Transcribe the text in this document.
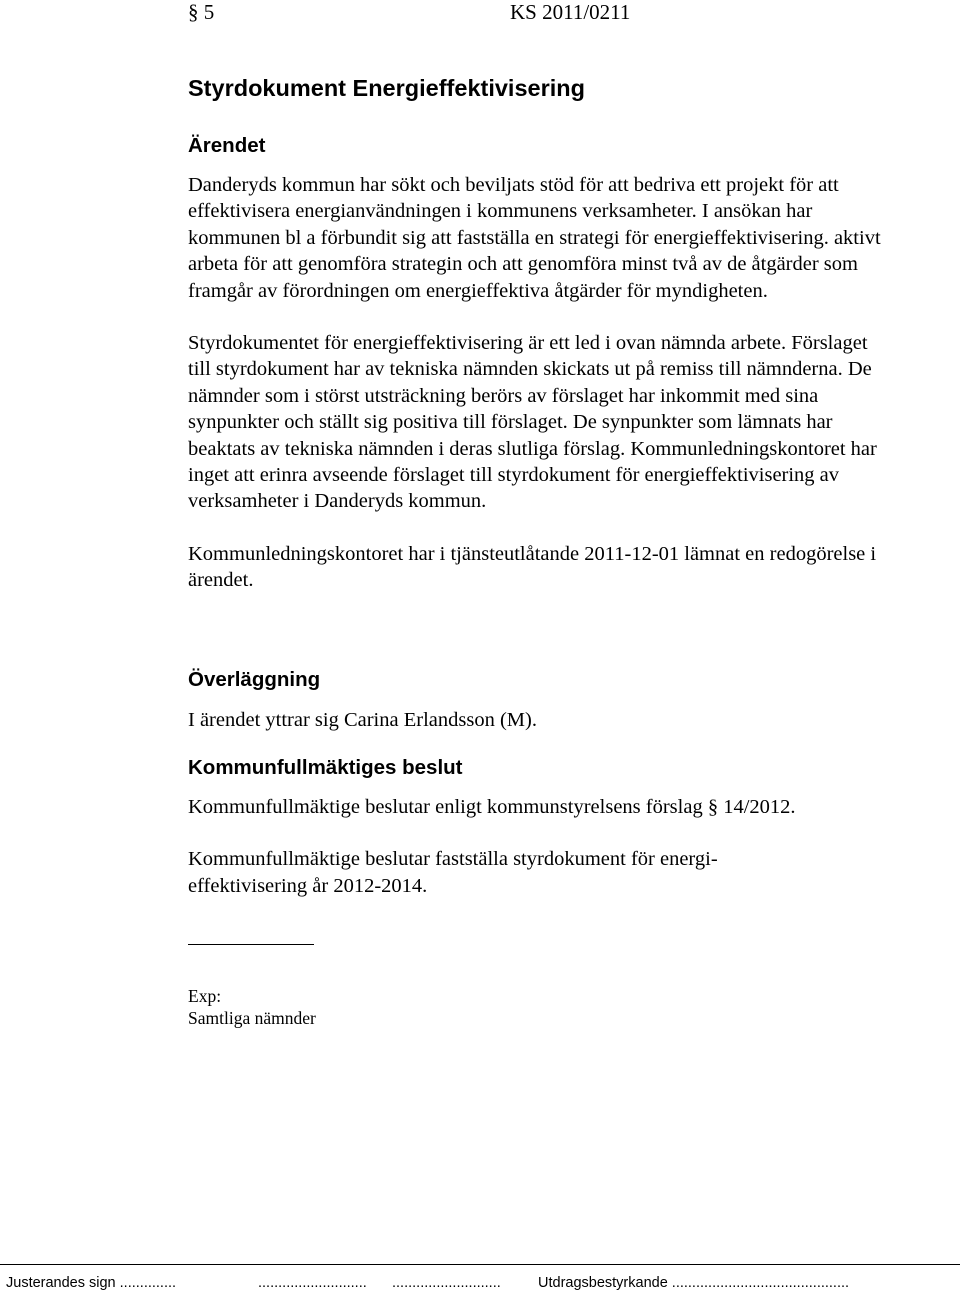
§ 5	KS 2011/0211
Styrdokument Energieffektivisering
Ärendet

Danderyds kommun har sökt och beviljats stöd för att bedriva ett projekt för att effektivisera energianvändningen i kommunens verksamheter. I ansökan har kommunen bl a förbundit sig att fastställa en strategi för energieffektivisering. aktivt arbeta för att genomföra strategin och att genomföra minst två av de åtgärder som framgår av förordningen om energieffektiva åtgärder för myndigheten.

Styrdokumentet för energieffektivisering är ett led i ovan nämnda arbete. Förslaget till styrdokument har av tekniska nämnden skickats ut på remiss till nämnderna. De nämnder som i störst utsträckning berörs av förslaget har inkommit med sina synpunkter och ställt sig positiva till förslaget. De synpunkter som lämnats har beaktats av tekniska nämnden i deras slutliga förslag. Kommunledningskontoret har inget att erinra avseende förslaget till styrdokument för energieffektivisering av verksamheter i Danderyds kommun.

Kommunledningskontoret har i tjänsteutlåtande 2011-12-01 lämnat en redogörelse i ärendet.

Överläggning

I ärendet yttrar sig Carina Erlandsson (M).

Kommunfullmäktiges beslut

Kommunfullmäktige beslutar enligt kommunstyrelsens förslag § 14/2012.

Kommunfullmäktige beslutar fastställa styrdokument för energi-effektivisering år 2012-2014.

Exp:
Samtliga nämnder
Justerandes sign ..............	........................... ...........................	Utdragsbestyrkande ............................................
